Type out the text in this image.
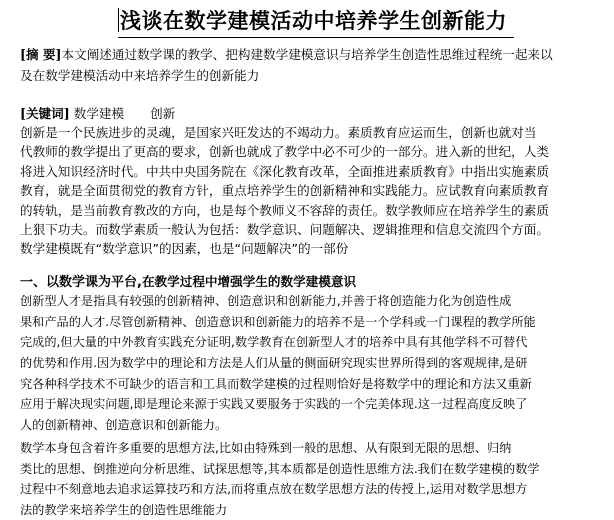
浅谈在数学建模活动中培养学生创新能力
[摘 要]本文阐述通过数学课的教学、把构建数学建模意识与培养学生创造性思维过程统一起来以
及在数学建模活动中来培养学生的创新能力
[关键词] 数学建模 创新
创新是一个民族进步的灵魂，是国家兴旺发达的不竭动力。素质教育应运而生，创新也就对当
代教师的教学提出了更高的要求，创新也就成了教学中必不可少的一部分。进入新的世纪，人类
将进入知识经济时代。中共中央国务院在《深化教育改革，全面推进素质教育》中指出实施素质
教育，就是全面贯彻党的教育方针，重点培养学生的创新精神和实践能力。应试教育向素质教育
的转轨，是当前教育教改的方向，也是每个教师义不容辞的责任。数学教师应在培养学生的素质
上狠下功夫。而数学素质一般认为包括：数学意识、问题解决、逻辑推理和信息交流四个方面。
数学建模既有“数学意识”的因素，也是“问题解决”的一部份
一、以数学课为平台,在教学过程中增强学生的数学建模意识
创新型人才是指具有较强的创新精神、创造意识和创新能力,并善于将创造能力化为创造性成
果和产品的人才.尽管创新精神、创造意识和创新能力的培养不是一个学科或一门课程的教学所能
完成的,但大量的中外教育实践充分证明,数学教育在创新型人才的培养中具有其他学科不可替代
的优势和作用.因为数学中的理论和方法是人们从量的侧面研究现实世界所得到的客观规律,是研
究各种科学技术不可缺少的语言和工具而数学建模的过程则恰好是将数学中的理论和方法又重新
应用于解决现实问题,即是理论来源于实践又要服务于实践的一个完美体现.这一过程高度反映了
人的创新精神、创造意识和创新能力。
数学本身包含着许多重要的思想方法,比如由特殊到一般的思想、从有限到无限的思想、归纳
类比的思想、倒推逆向分析思维、试探思想等,其本质都是创造性思维方法.我们在数学建模的数学
过程中不刻意地去追求运算技巧和方法,而将重点放在数学思想方法的传授上,运用对数学思想方
法的教学来培养学生的创造性思维能力
